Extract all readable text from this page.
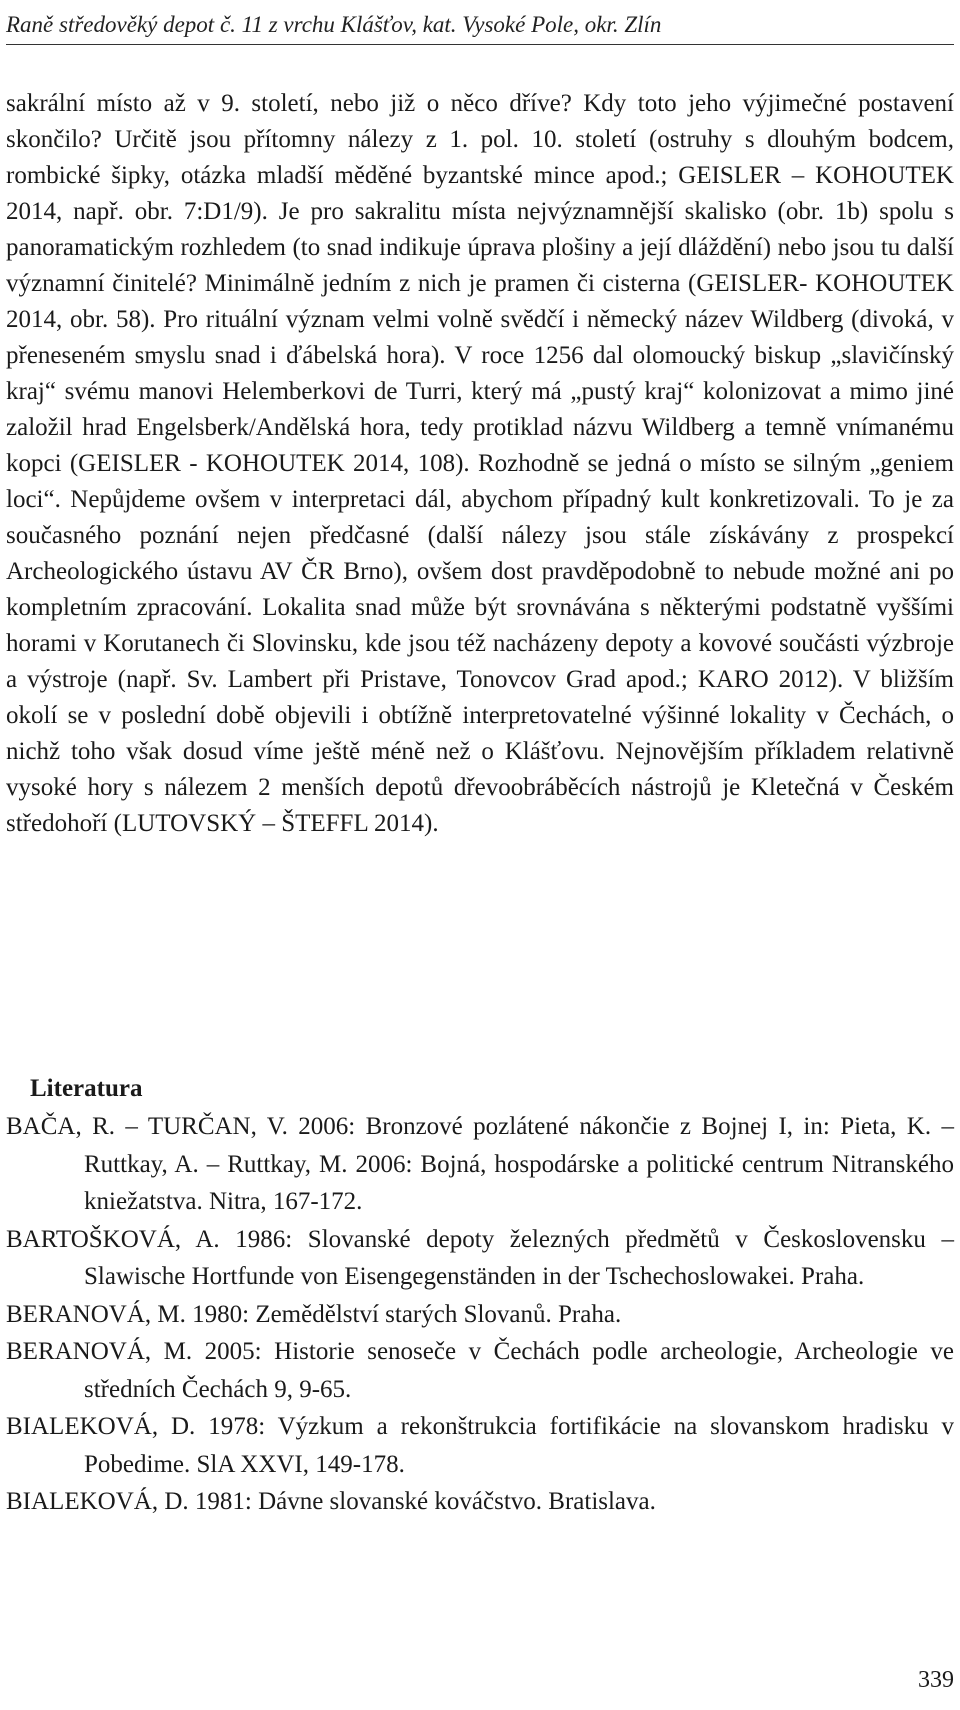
Raně středověký depot č. 11 z vrchu Klášťov, kat. Vysoké Pole, okr. Zlín

sakrální místo až v 9. století, nebo již o něco dříve? Kdy toto jeho výjimečné postavení skončilo? Určitě jsou přítomny nálezy z 1. pol. 10. století (ostruhy s dlouhým bodcem, rombické šipky, otázka mladší měděné byzantské mince apod.; GEISLER – KOHOUTEK 2014, např. obr. 7:D1/9). Je pro sakralitu místa nejvýznamnější skalisko (obr. 1b) spolu s panoramatickým rozhledem (to snad indikuje úprava plošiny a její dláždění) nebo jsou tu další významní činitelé? Minimálně jedním z nich je pramen či cisterna (GEISLER- KOHOUTEK 2014, obr. 58). Pro rituální význam velmi volně svědčí i německý název Wildberg (divoká, v přeneseném smyslu snad i ďábelská hora). V roce 1256 dal olomoucký biskup „slavičínský kraj“ svému manovi Helemberkovi de Turri, který má „pustý kraj“ kolonizovat a mimo jiné založil hrad Engelsberk/Andělská hora, tedy protiklad názvu Wildberg a temně vnímanému kopci (GEISLER - KOHOUTEK 2014, 108). Rozhodně se jedná o místo se silným „geniem loci“. Nepůjdeme ovšem v interpretaci dál, abychom případný kult konkretizovali. To je za současného poznání nejen předčasné (další nálezy jsou stále získávány z prospekcí Archeologického ústavu AV ČR Brno), ovšem dost pravděpodobně to nebude možné ani po kompletním zpracování. Lokalita snad může být srovnávána s některými podstatně vyššími horami v Korutanech či Slovinsku, kde jsou též nacházeny depoty a kovové součásti výzbroje a výstroje (např. Sv. Lambert při Pristave, Tonovcov Grad apod.; KARO 2012). V bližším okolí se v poslední době objevili i obtížně interpretovatelné výšinné lokality v Čechách, o nichž toho však dosud víme ještě méně než o Klášťovu. Nejnovějším příkladem relativně vysoké hory s nálezem 2 menších depotů dřevoobráběcích nástrojů je Kletečná v Českém středohoří (LUTOVSKÝ – ŠTEFFL 2014).

Literatura
BAČA, R. – TURČAN, V. 2006: Bronzové pozlátené nákončie z Bojnej I, in: Pieta, K. – Ruttkay, A. – Ruttkay, M. 2006: Bojná, hospodárske a politické centrum Nitranského kniežatstva. Nitra, 167-172.
BARTOŠKOVÁ, A. 1986: Slovanské depoty železných předmětů v Československu – Slawische Hortfunde von Eisengegenständen in der Tschechoslowakei. Praha.
BERANOVÁ, M. 1980: Zemědělství starých Slovanů. Praha.
BERANOVÁ, M. 2005: Historie senoseče v Čechách podle archeologie, Archeologie ve středních Čechách 9, 9-65.
BIALEKOVÁ, D. 1978: Výzkum a rekonštrukcia fortifikácie na slovanskom hradisku v Pobedime. SlA XXVI, 149-178.
BIALEKOVÁ, D. 1981: Dávne slovanské kováčstvo. Bratislava.
339
